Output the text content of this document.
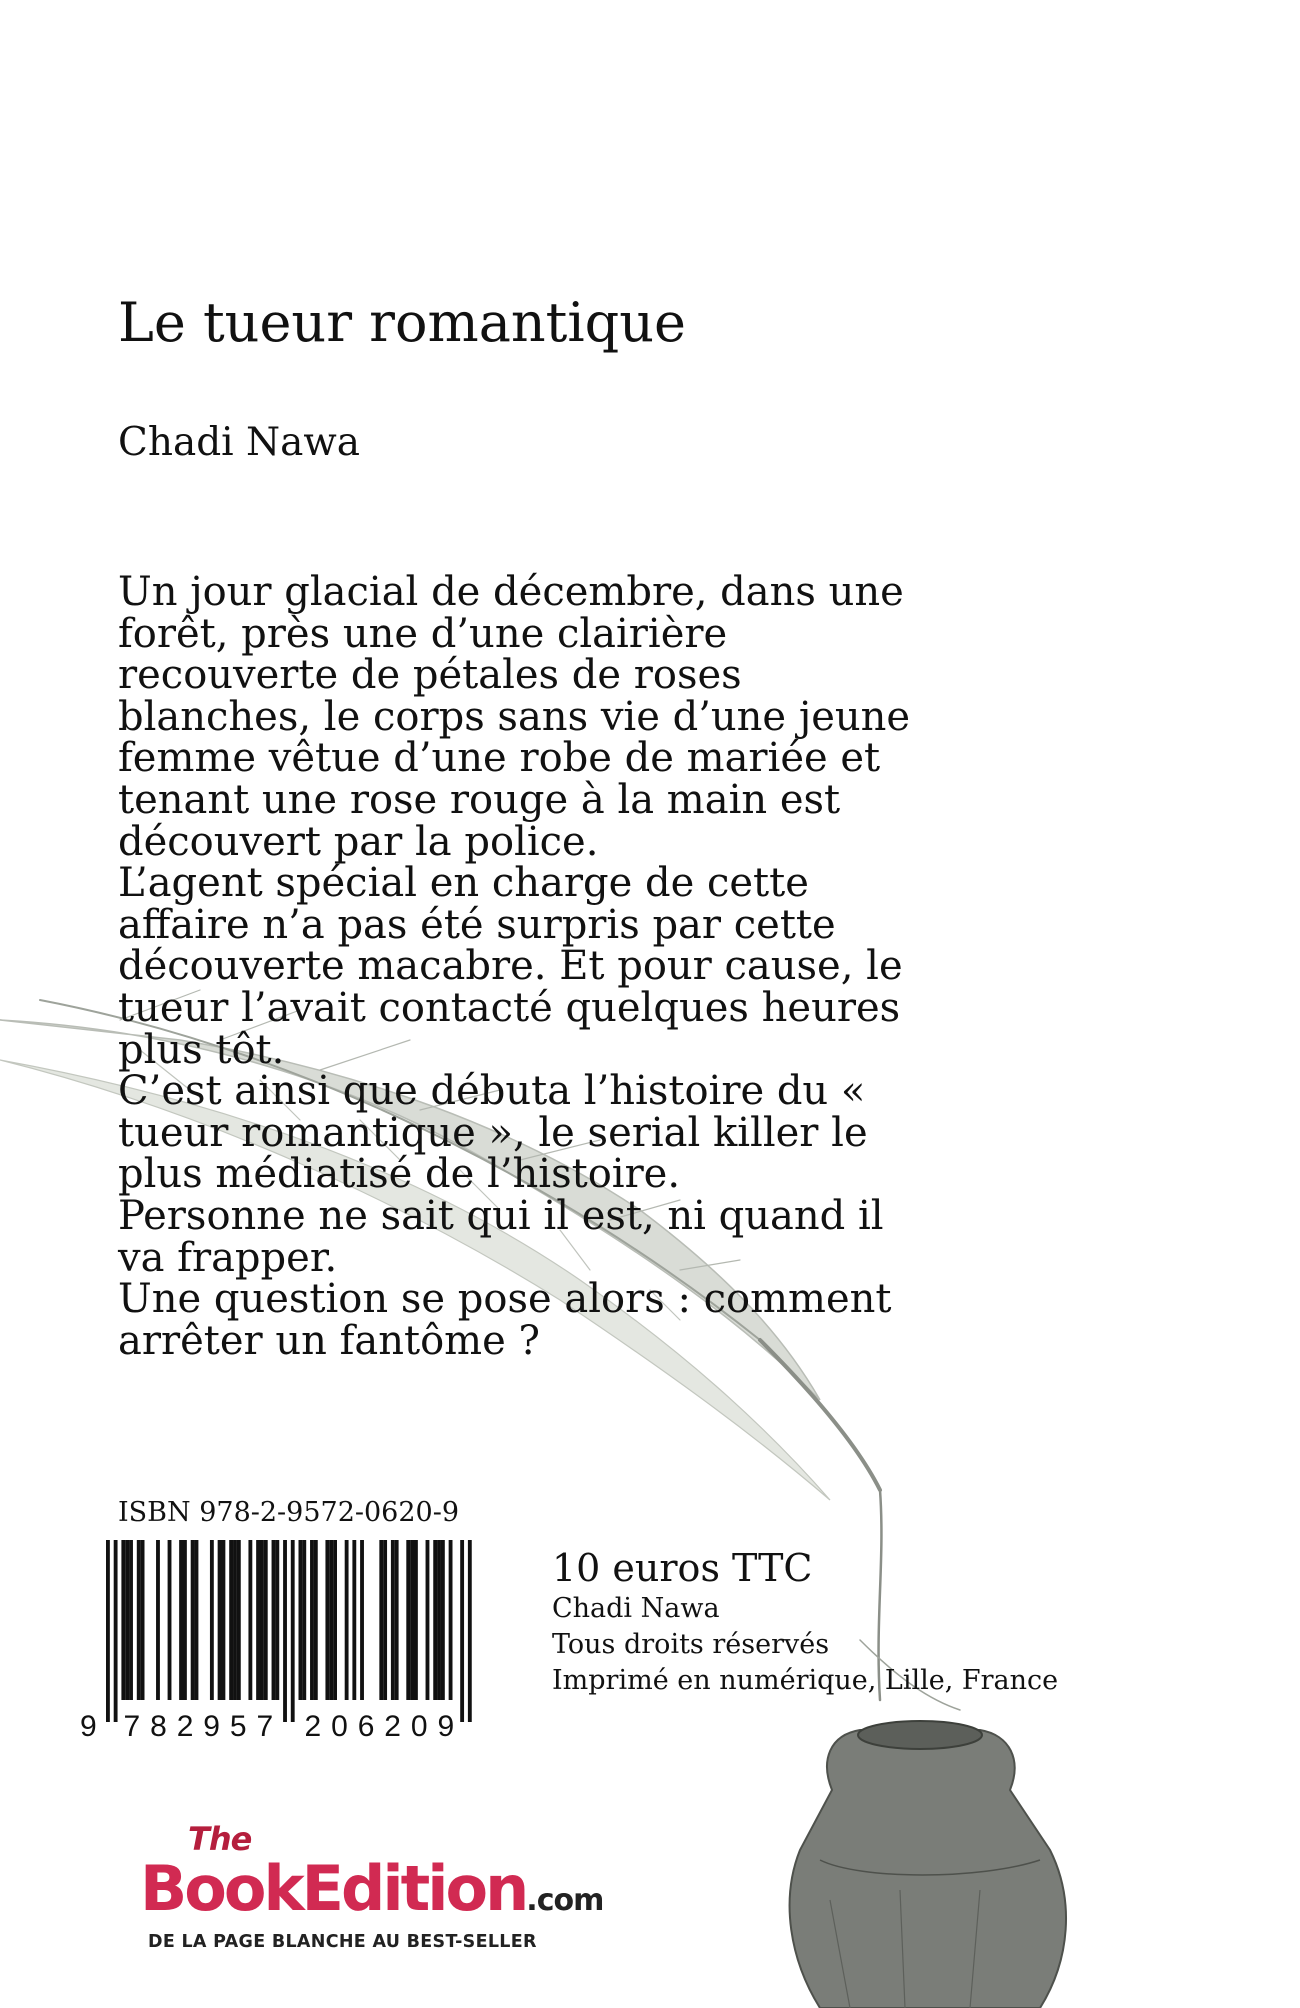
Le tueur romantique
Chadi Nawa

Un jour glacial de décembre, dans une

forêt, près une d’une clairière

recouverte de pétales de roses

blanches, le corps sans vie d’une jeune

femme vêtue d’une robe de mariée et

tenant une rose rouge à la main est

découvert par la police.

L’agent spécial en charge de cette

affaire n’a pas été surpris par cette

découverte macabre. Et pour cause, le

tueur l’avait contacté quelques heures

plus tôt.

C’est ainsi que débuta l’histoire du «

tueur romantique », le serial killer le

plus médiatisé de l’histoire.

Personne ne sait qui il est, ni quand il

va frapper.

Une question se pose alors : comment

arrêter un fantôme ?

ISBN 978-2-9572-0620-9
9 782957 206209
10 euros TTC
Chadi Nawa
Tous droits réservés
Imprimé en numérique, Lille, France
The
BookEdition.com
DE LA PAGE BLANCHE AU BEST-SELLER
